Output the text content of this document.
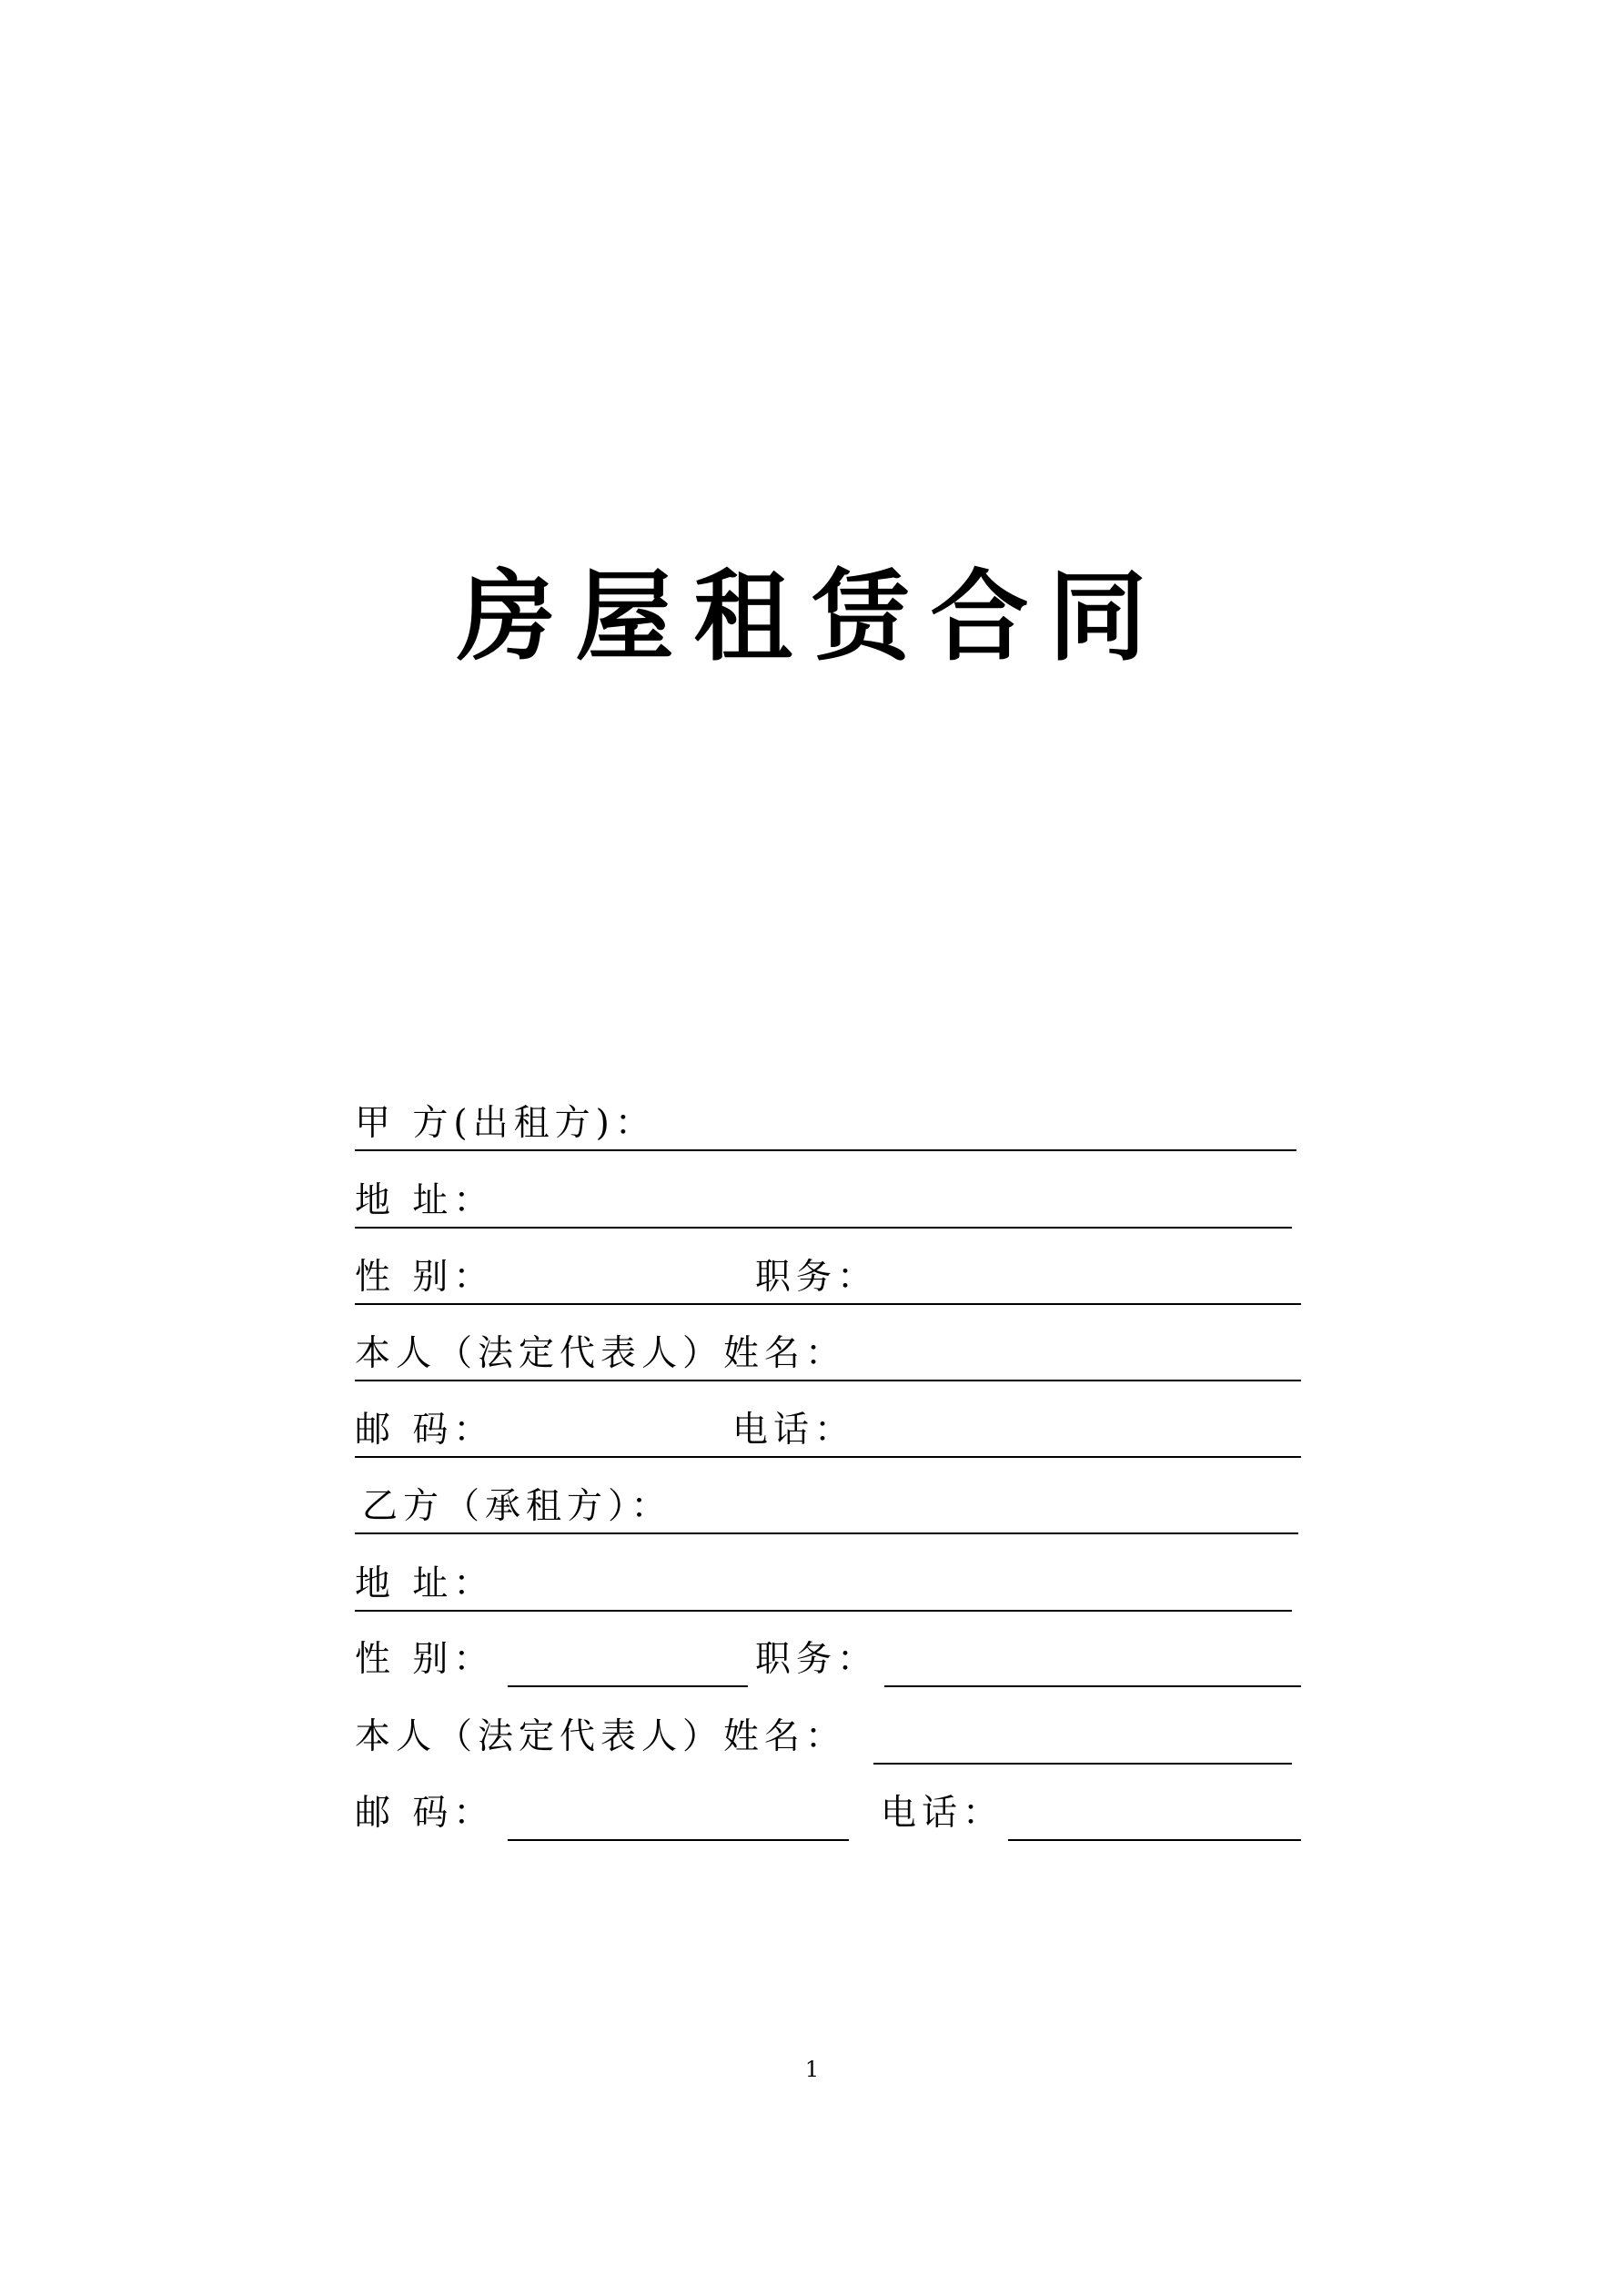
房屋租赁合同
甲 方(出租方)：
地 址：
性 别：	职务：
本人（法定代表人）姓名：
邮 码：	电话：
乙方（承租方）：
地 址：
性 别：	职务：
本人（法定代表人）姓名：
邮 码：	电话：
1
